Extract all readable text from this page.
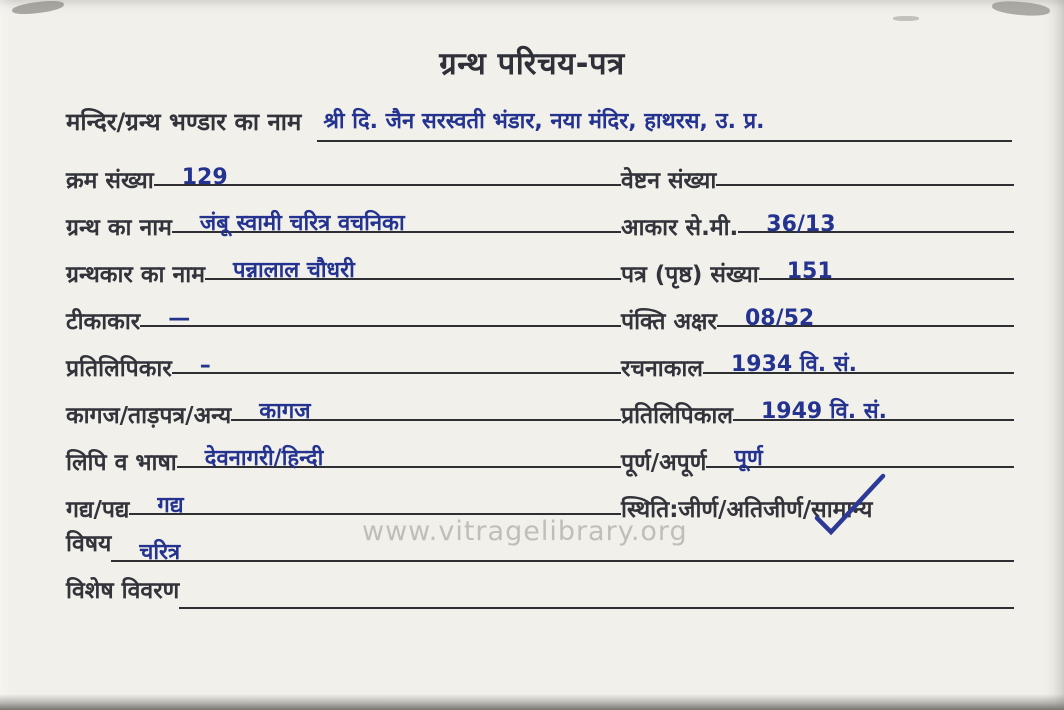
ग्रन्थ परिचय-पत्र
मन्दिर/ग्रन्थ भण्डार का नाम	श्री दि. जैन सरस्वती भंडार, नया मंदिर, हाथरस, उ. प्र.
क्रम संख्या	129	वेष्टन संख्या
ग्रन्थ का नाम	जंबू स्वामी चरित्र वचनिका	आकार से.मी.	36/13
ग्रन्थकार का नाम	पन्नालाल चौधरी	पत्र (पृष्ठ) संख्या	151
टीकाकार	—	पंक्ति अक्षर	08/52
प्रतिलिपिकार	–	रचनाकाल	1934 वि. सं.
कागज/ताड़पत्र/अन्य	कागज	प्रतिलिपिकाल	1949 वि. सं.
लिपि व भाषा	देवनागरी/हिन्दी	पूर्ण/अपूर्ण	पूर्ण
गद्य/पद्य	गद्य	स्थिति:जीर्ण/अतिजीर्ण/ सामान्य
विषय	चरित्र
विशेष विवरण
www.vitragelibrary.org
